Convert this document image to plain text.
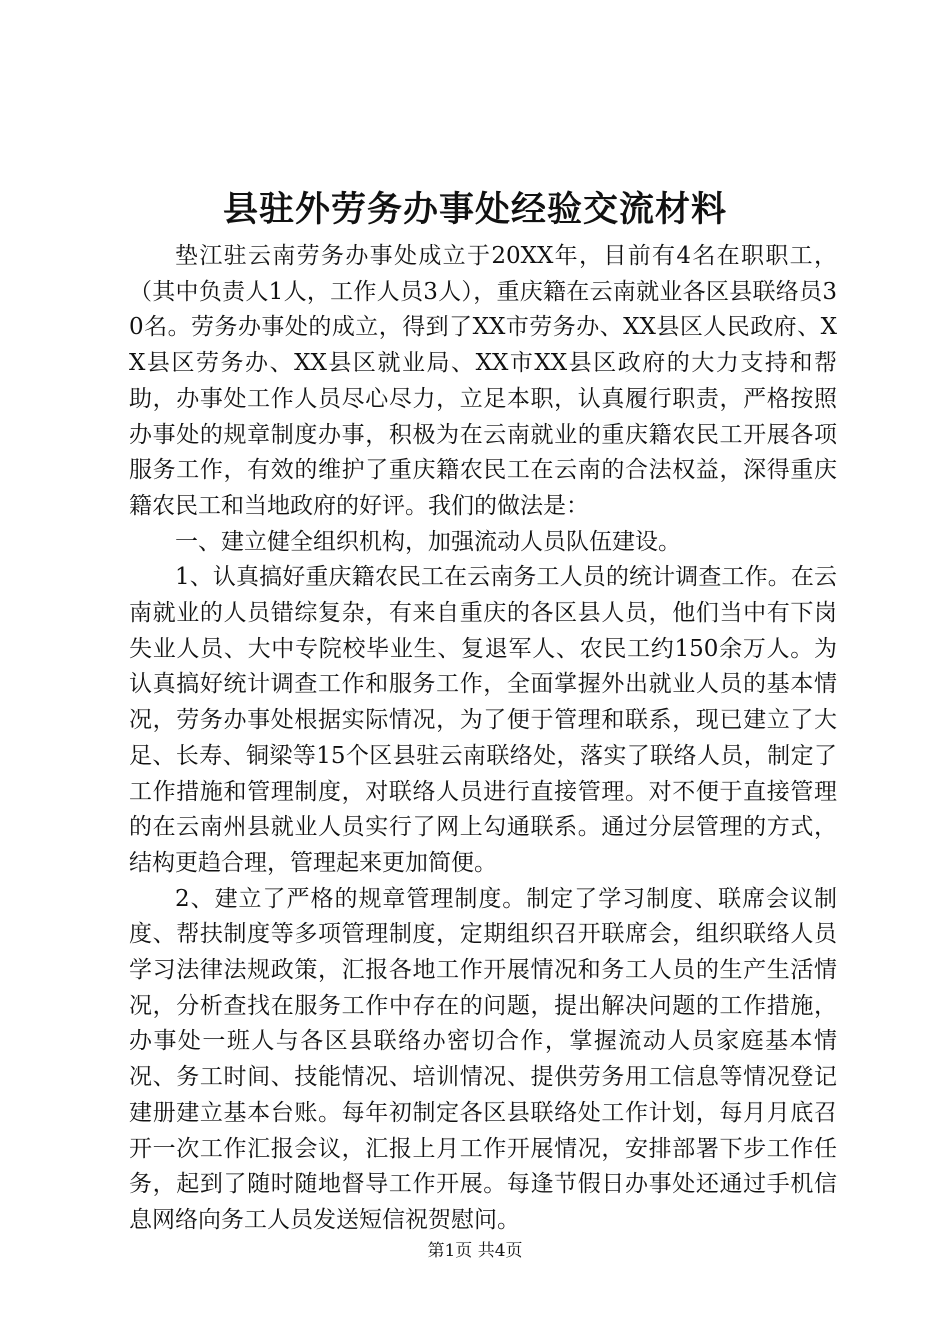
县驻外劳务办事处经验交流材料

垫江驻云南劳务办事处成立于20XX年，目前有4名在职职工，（其中负责人1人，工作人员3人），重庆籍在云南就业各区县联络员30名。劳务办事处的成立，得到了XX市劳务办、XX县区人民政府、XX县区劳务办、XX县区就业局、XX市XX县区政府的大力支持和帮助，办事处工作人员尽心尽力，立足本职，认真履行职责，严格按照办事处的规章制度办事，积极为在云南就业的重庆籍农民工开展各项服务工作，有效的维护了重庆籍农民工在云南的合法权益，深得重庆籍农民工和当地政府的好评。我们的做法是：

一、建立健全组织机构，加强流动人员队伍建设。

1、认真搞好重庆籍农民工在云南务工人员的统计调查工作。在云南就业的人员错综复杂，有来自重庆的各区县人员，他们当中有下岗失业人员、大中专院校毕业生、复退军人、农民工约150余万人。为认真搞好统计调查工作和服务工作，全面掌握外出就业人员的基本情况，劳务办事处根据实际情况，为了便于管理和联系，现已建立了大足、长寿、铜梁等15个区县驻云南联络处，落实了联络人员，制定了工作措施和管理制度，对联络人员进行直接管理。对不便于直接管理的在云南州县就业人员实行了网上勾通联系。通过分层管理的方式，结构更趋合理，管理起来更加简便。

2、建立了严格的规章管理制度。制定了学习制度、联席会议制度、帮扶制度等多项管理制度，定期组织召开联席会，组织联络人员学习法律法规政策，汇报各地工作开展情况和务工人员的生产生活情况，分析查找在服务工作中存在的问题，提出解决问题的工作措施，办事处一班人与各区县联络办密切合作，掌握流动人员家庭基本情况、务工时间、技能情况、培训情况、提供劳务用工信息等情况登记建册建立基本台账。每年初制定各区县联络处工作计划，每月月底召开一次工作汇报会议，汇报上月工作开展情况，安排部署下步工作任务，起到了随时随地督导工作开展。每逢节假日办事处还通过手机信息网络向务工人员发送短信祝贺慰问。

第1页 共4页
